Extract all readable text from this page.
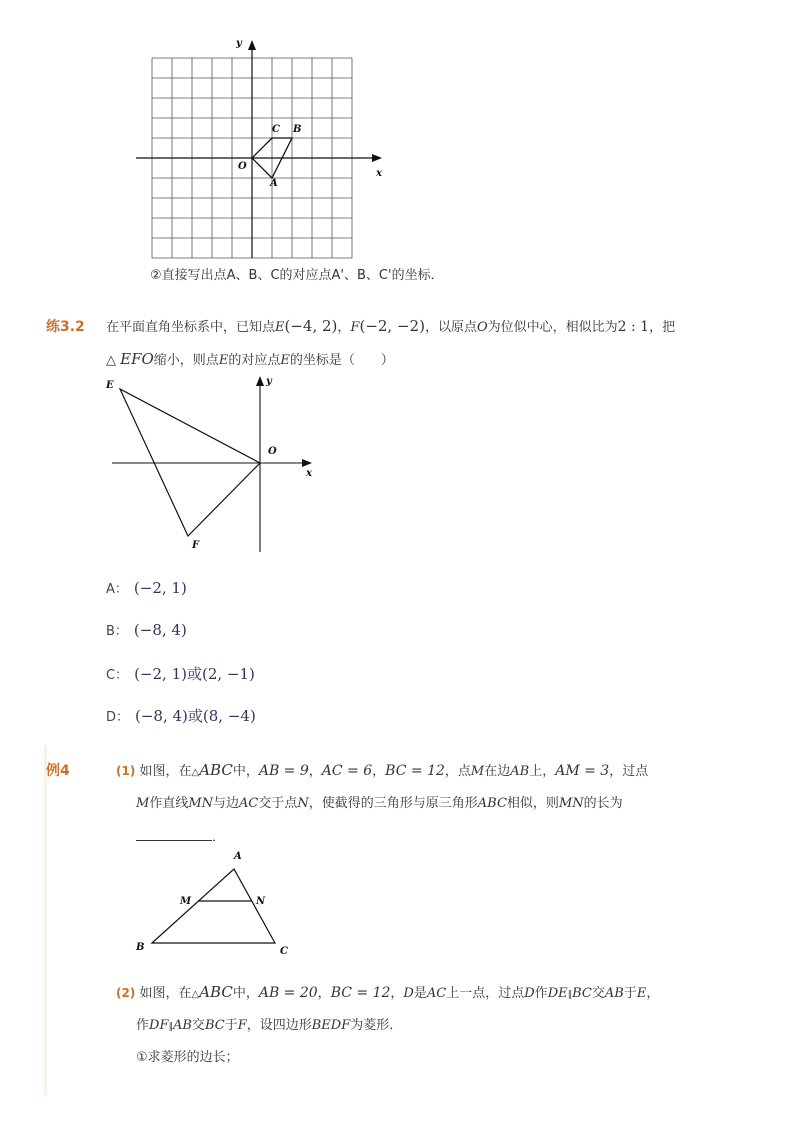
x
y
O
A
B
C
②直接写出点A、B、C的对应点A'、B、C'的坐标．
练3.2 在平面直角坐标系中，已知点E(−4, 2)，F(−2, −2)，以原点O为位似中心，相似比为2 : 1，把
△ EFO缩小，则点E的对应点E的坐标是（　　）
E
F
O
x
y
A： (−2, 1)
B： (−8, 4)
C： (−2, 1)或(2, −1)
D： (−8, 4)或(8, −4)
例4	(1) 如图，在△ABC中，AB = 9，AC = 6，BC = 12，点M在边AB上，AM = 3，过点
M作直线MN与边AC交于点N，使截得的三角形与原三角形ABC相似，则MN的长为
．
A
B	C
M	N
(2) 如图，在△ABC中，AB = 20，BC = 12，D是AC上一点，过点D作DE∥BC交AB于E，
作DF∥AB交BC于F，设四边形BEDF为菱形．
①求菱形的边长；
